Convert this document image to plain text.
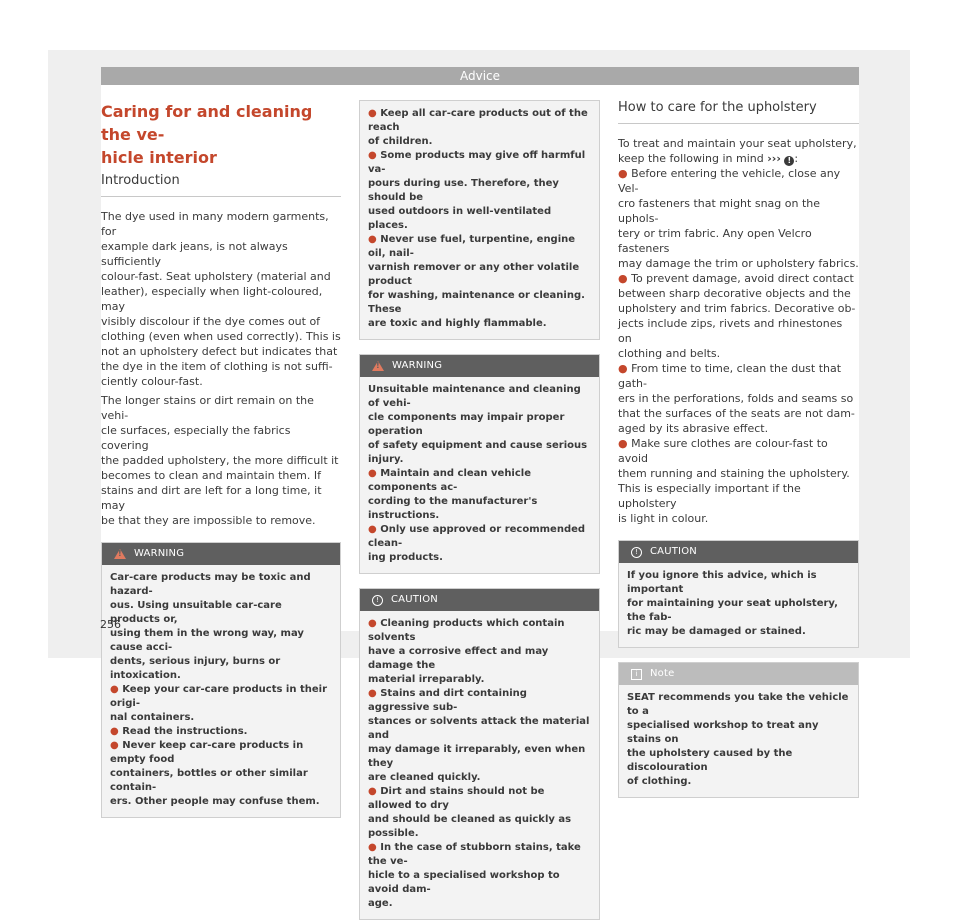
Advice
Caring for and cleaning the ve-
hicle interior
Introduction

The dye used in many modern garments, for
example dark jeans, is not always sufficiently
colour-fast. Seat upholstery (material and
leather), especially when light-coloured, may
visibly discolour if the dye comes out of
clothing (even when used correctly). This is
not an upholstery defect but indicates that
the dye in the item of clothing is not suffi-
ciently colour-fast.

The longer stains or dirt remain on the vehi-
cle surfaces, especially the fabrics covering
the padded upholstery, the more difficult it
becomes to clean and maintain them. If
stains and dirt are left for a long time, it may
be that they are impossible to remove.

!
WARNING
Car-care products may be toxic and hazard-
ous. Using unsuitable car-care products or,
using them in the wrong way, may cause acci-
dents, serious injury, burns or intoxication.
● Keep your car-care products in their origi-
nal containers.
● Read the instructions.
● Never keep car-care products in empty food
containers, bottles or other similar contain-
ers. Other people may confuse them.
● Keep all car-care products out of the reach
of children.
● Some products may give off harmful va-
pours during use. Therefore, they should be
used outdoors in well-ventilated places.
● Never use fuel, turpentine, engine oil, nail-
varnish remover or any other volatile product
for washing, maintenance or cleaning. These
are toxic and highly flammable.
!
WARNING
Unsuitable maintenance and cleaning of vehi-
cle components may impair proper operation
of safety equipment and cause serious injury.
● Maintain and clean vehicle components ac-
cording to the manufacturer's instructions.
● Only use approved or recommended clean-
ing products.
!	CAUTION
● Cleaning products which contain solvents
have a corrosive effect and may damage the
material irreparably.
● Stains and dirt containing aggressive sub-
stances or solvents attack the material and
may damage it irreparably, even when they
are cleaned quickly.
● Dirt and stains should not be allowed to dry
and should be cleaned as quickly as possible.
● In the case of stubborn stains, take the ve-
hicle to a specialised workshop to avoid dam-
age.
How to care for the upholstery

To treat and maintain your seat upholstery,
keep the following in mind ››› ! :

● Before entering the vehicle, close any Vel-
cro fasteners that might snag on the uphols-
tery or trim fabric. Any open Velcro fasteners
may damage the trim or upholstery fabrics.
● To prevent damage, avoid direct contact
between sharp decorative objects and the
upholstery and trim fabrics. Decorative ob-
jects include zips, rivets and rhinestones on
clothing and belts.
● From time to time, clean the dust that gath-
ers in the perforations, folds and seams so
that the surfaces of the seats are not dam-
aged by its abrasive effect.
● Make sure clothes are colour-fast to avoid
them running and staining the upholstery.
This is especially important if the upholstery
is light in colour.
!	CAUTION
If you ignore this advice, which is important
for maintaining your seat upholstery, the fab-
ric may be damaged or stained.
i	Note
SEAT recommends you take the vehicle to a
specialised workshop to treat any stains on
the upholstery caused by the discolouration
of clothing.
256
